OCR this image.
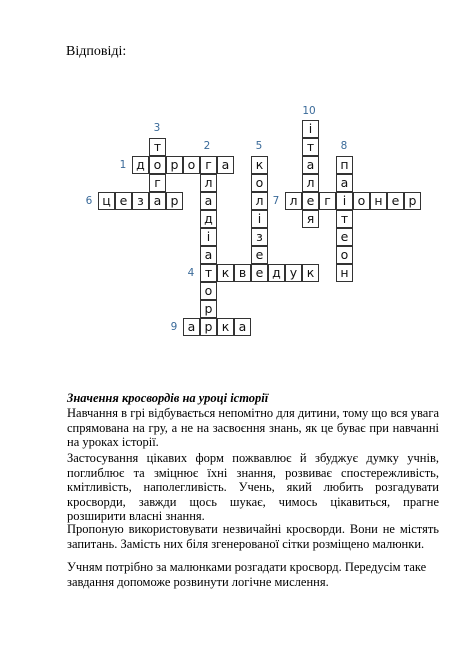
Відповіді:
д о р о г а
1
л
а
д
і
а
т
о
р
2
т
г
а
3
к в е д у к
4
к
о
л
і
з
е
5
ц е з	р
6	л е г і о н е р
7
п
а
т
е
о
н
8
а р к а
9
і
т
а
л
я
10
Значення кросвордів на уроці історії

Навчання в грі відбувається непомітно для дитини, тому що вся увага спрямована на гру, а не на засвоєння знань, як це буває при навчанні на уроках історії.

Застосування цікавих форм пожвавлює й збуджує думку учнів, поглиблює та зміцнює їхні знання, розвиває спостережливість, кмітливість, наполегливість. Учень, який любить розгадувати кросворди, завжди щось шукає, чимось цікавиться, прагне розширити власні знання.

Пропоную використовувати незвичайні кросворди. Вони не містять запитань. Замість них біля згенерованої сітки розміщено малюнки.

Учням потрібно за малюнками розгадати кросворд. Передусім таке завдання допоможе розвинути логічне мислення.
